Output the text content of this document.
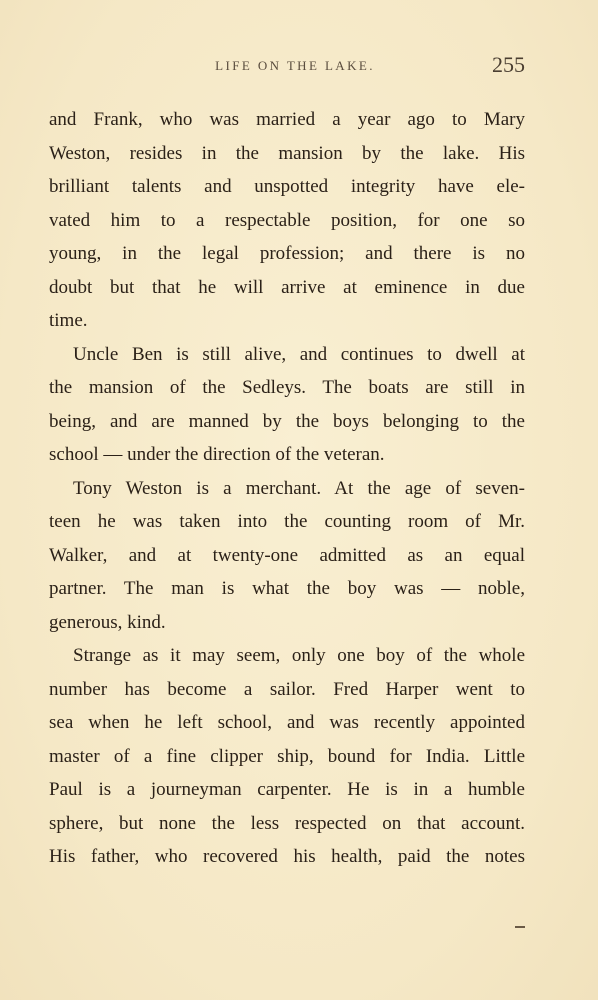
LIFE ON THE LAKE.	255
and Frank, who was married a year ago to Mary
Weston, resides in the mansion by the lake. His
brilliant talents and unspotted integrity have ele-
vated him to a respectable position, for one so
young, in the legal profession; and there is no
doubt but that he will arrive at eminence in due
time.
Uncle Ben is still alive, and continues to dwell at
the mansion of the Sedleys. The boats are still in
being, and are manned by the boys belonging to the
school — under the direction of the veteran.
Tony Weston is a merchant. At the age of seven-
teen he was taken into the counting room of Mr.
Walker, and at twenty-one admitted as an equal
partner. The man is what the boy was — noble,
generous, kind.
Strange as it may seem, only one boy of the whole
number has become a sailor. Fred Harper went to
sea when he left school, and was recently appointed
master of a fine clipper ship, bound for India. Little
Paul is a journeyman carpenter. He is in a humble
sphere, but none the less respected on that account.
His father, who recovered his health, paid the notes
